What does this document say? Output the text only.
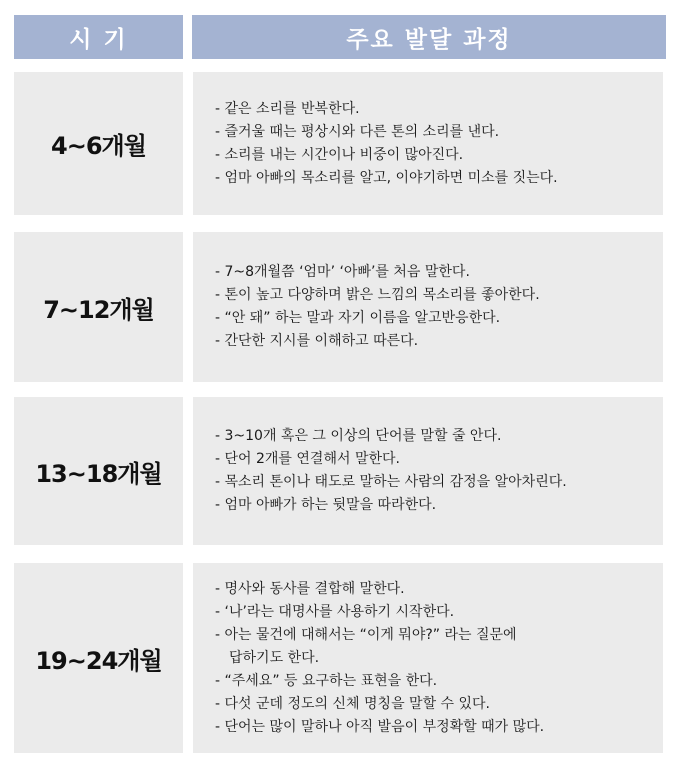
시 기	주요 발달 과정
4~6개월
- 같은 소리를 반복한다.
- 즐거울 때는 평상시와 다른 톤의 소리를 낸다.
- 소리를 내는 시간이나 비중이 많아진다.
- 엄마 아빠의 목소리를 알고, 이야기하면 미소를 짓는다.
7~12개월
- 7~8개월쯤 ‘엄마’ ‘아빠’를 처음 말한다.
- 톤이 높고 다양하며 밝은 느낌의 목소리를 좋아한다.
- “안 돼” 하는 말과 자기 이름을 알고반응한다.
- 간단한 지시를 이해하고 따른다.
13~18개월
- 3~10개 혹은 그 이상의 단어를 말할 줄 안다.
- 단어 2개를 연결해서 말한다.
- 목소리 톤이나 태도로 말하는 사람의 감정을 알아차린다.
- 엄마 아빠가 하는 뒷말을 따라한다.
19~24개월
- 명사와 동사를 결합해 말한다.
- ‘나’라는 대명사를 사용하기 시작한다.
- 아는 물건에 대해서는 “이게 뭐야?” 라는 질문에
답하기도 한다.
- “주세요” 등 요구하는 표현을 한다.
- 다섯 군데 정도의 신체 명칭을 말할 수 있다.
- 단어는 많이 말하나 아직 발음이 부정확할 때가 많다.
